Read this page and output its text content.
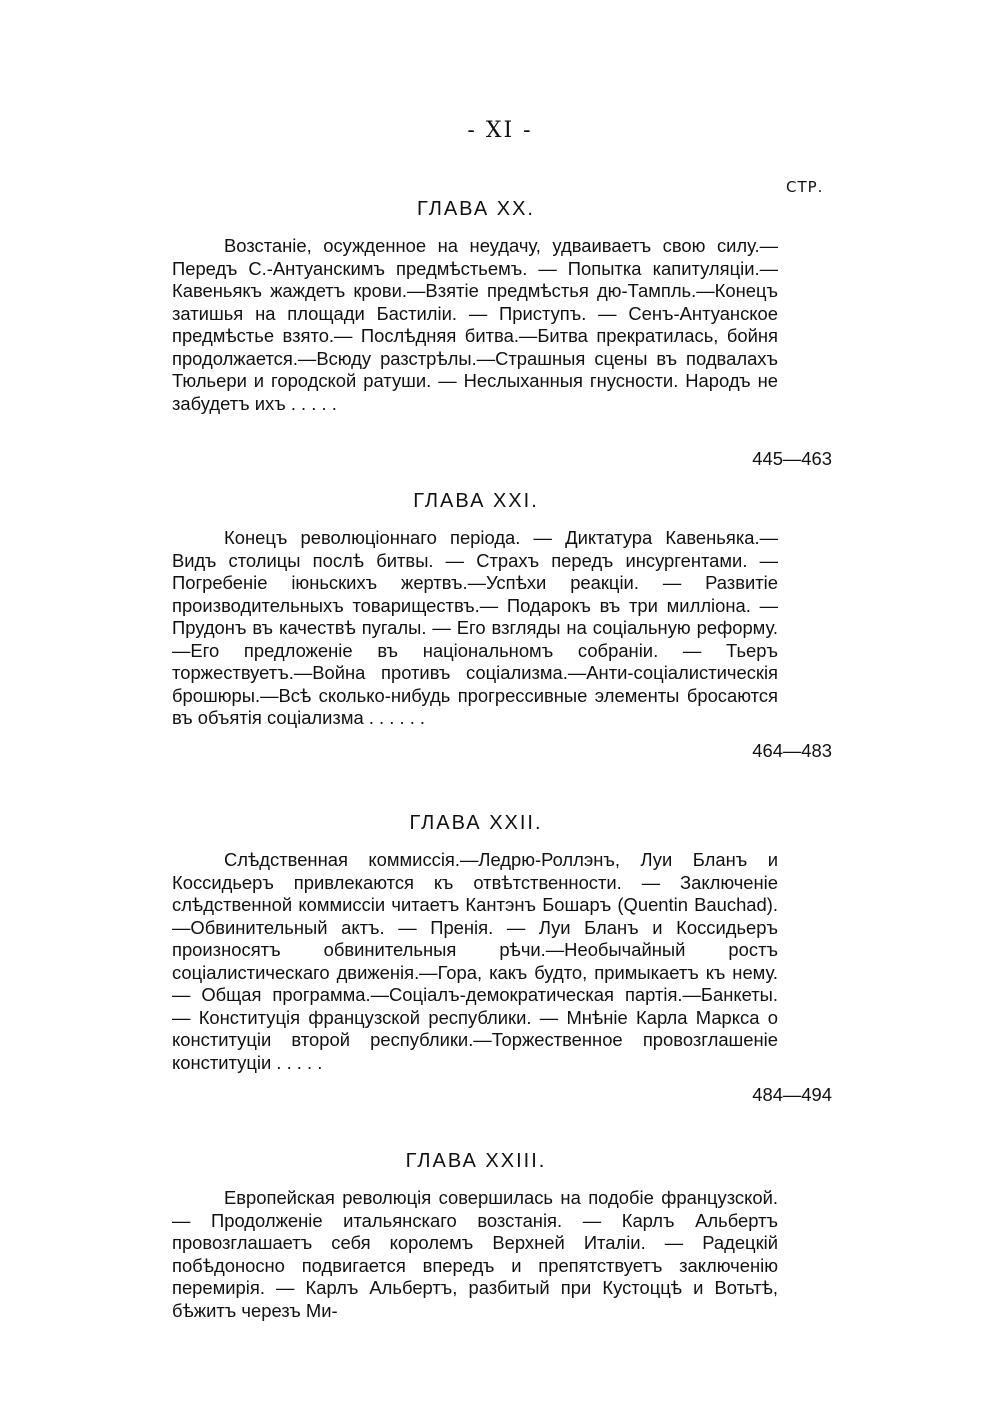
- XI -
СТР.
ГЛАВА XX.

Возстаніе, осужденное на неудачу, удваиваетъ свою силу.—Передъ С.-Антуанскимъ предмѣстьемъ. — Попытка капитуляціи.—Кавеньякъ жаждетъ крови.—Взятіе предмѣстья дю-Тампль.—Конецъ затишья на площади Бастиліи. — Приступъ. — Сенъ-Антуанское предмѣстье взято.— Послѣдняя битва.—Битва прекратилась, бойня продолжается.—Всюду разстрѣлы.—Страшныя сцены въ подвалахъ Тюльери и городской ратуши. — Неслыханныя гнусности. Народъ не забудетъ ихъ . . . . .

445—463
ГЛАВА XXI.

Конецъ революціоннаго періода. — Диктатура Кавеньяка.—Видъ столицы послѣ битвы. — Страхъ передъ инсургентами. — Погребеніе іюньскихъ жертвъ.—Успѣхи реакціи. — Развитіе производительныхъ товариществъ.— Подарокъ въ три милліона. — Прудонъ въ качествѣ пугалы. — Его взгляды на соціальную реформу.—Его предложеніе въ національномъ собраніи. — Тьеръ торжествуетъ.—Война противъ соціализма.—Анти-соціалистическія брошюры.—Всѣ сколько-нибудь прогрессивные элементы бросаются въ объятія соціализма . . . . . .

464—483
ГЛАВА XXII.

Слѣдственная коммиссія.—Ледрю-Роллэнъ, Луи Бланъ и Коссидьеръ привлекаются къ отвѣтственности. — Заключеніе слѣдственной коммиссіи читаетъ Кантэнъ Бошаръ (Quentin Bauchad).—Обвинительный актъ. — Пренія. — Луи Бланъ и Коссидьеръ произносятъ обвинительныя рѣчи.—Необычайный ростъ соціалистическаго движенія.—Гора, какъ будто, примыкаетъ къ нему.— Общая программа.—Соціалъ-демократическая партія.—Банкеты.— Конституція французской республики. — Мнѣніе Карла Маркса о конституціи второй республики.—Торжественное провозглашеніе конституціи . . . . .

484—494
ГЛАВА XXIII.

Европейская революція совершилась на подобіе французской. — Продолженіе итальянскаго возстанія. — Карлъ Альбертъ провозглашаетъ себя королемъ Верхней Италіи. — Радецкій побѣдоносно подвигается впередъ и препятствуетъ заключенію перемирія. — Карлъ Альбертъ, разбитый при Кустоццѣ и Вотьтѣ, бѣжитъ черезъ Ми-
